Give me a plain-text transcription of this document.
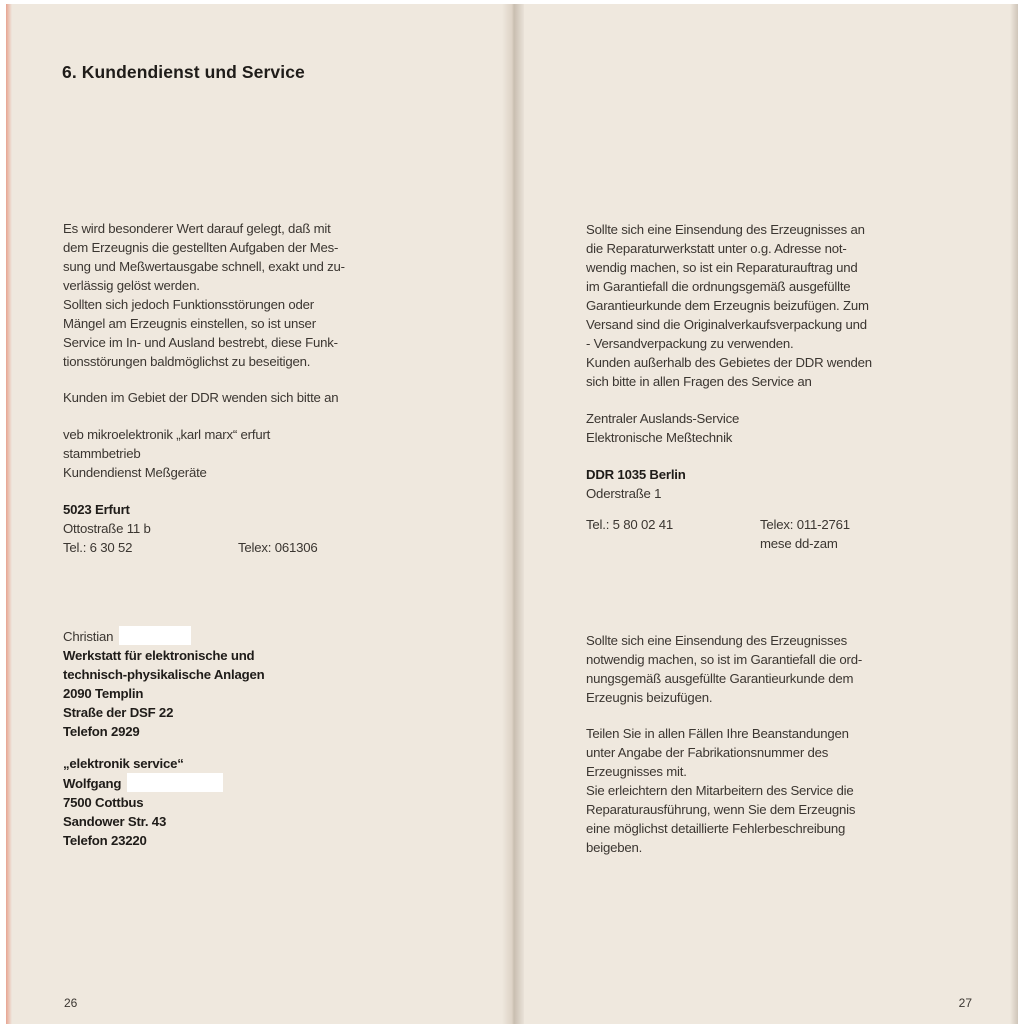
6. Kundendienst und Service
Es wird besonderer Wert darauf gelegt, daß mit
dem Erzeugnis die gestellten Aufgaben der Mes-
sung und Meßwertausgabe schnell, exakt und zu-
verlässig gelöst werden.
Sollten sich jedoch Funktionsstörungen oder
Mängel am Erzeugnis einstellen, so ist unser
Service im In- und Ausland bestrebt, diese Funk-
tionsstörungen baldmöglichst zu beseitigen.
Kunden im Gebiet der DDR wenden sich bitte an
veb mikroelektronik „karl marx“ erfurt
stammbetrieb
Kundendienst Meßgeräte
5023 Erfurt
Ottostraße 11 b
Tel.: 6 30 52	Telex: 061306
Christian
Werkstatt für elektronische und
technisch-physikalische Anlagen
2090 Templin
Straße der DSF 22
Telefon 2929
„elektronik service“
Wolfgang
7500 Cottbus
Sandower Str. 43
Telefon 23220
26
Sollte sich eine Einsendung des Erzeugnisses an
die Reparaturwerkstatt unter o.g. Adresse not-
wendig machen, so ist ein Reparaturauftrag und
im Garantiefall die ordnungsgemäß ausgefüllte
Garantieurkunde dem Erzeugnis beizufügen. Zum
Versand sind die Originalverkaufsverpackung und
- Versandverpackung zu verwenden.
Kunden außerhalb des Gebietes der DDR wenden
sich bitte in allen Fragen des Service an
Zentraler Auslands-Service
Elektronische Meßtechnik
DDR 1035 Berlin
Oderstraße 1
Tel.: 5 80 02 41	Telex: 011-2761
mese dd-zam
Sollte sich eine Einsendung des Erzeugnisses
notwendig machen, so ist im Garantiefall die ord-
nungsgemäß ausgefüllte Garantieurkunde dem
Erzeugnis beizufügen.
Teilen Sie in allen Fällen Ihre Beanstandungen
unter Angabe der Fabrikationsnummer des
Erzeugnisses mit.
Sie erleichtern den Mitarbeitern des Service die
Reparaturausführung, wenn Sie dem Erzeugnis
eine möglichst detaillierte Fehlerbeschreibung
beigeben.
27
